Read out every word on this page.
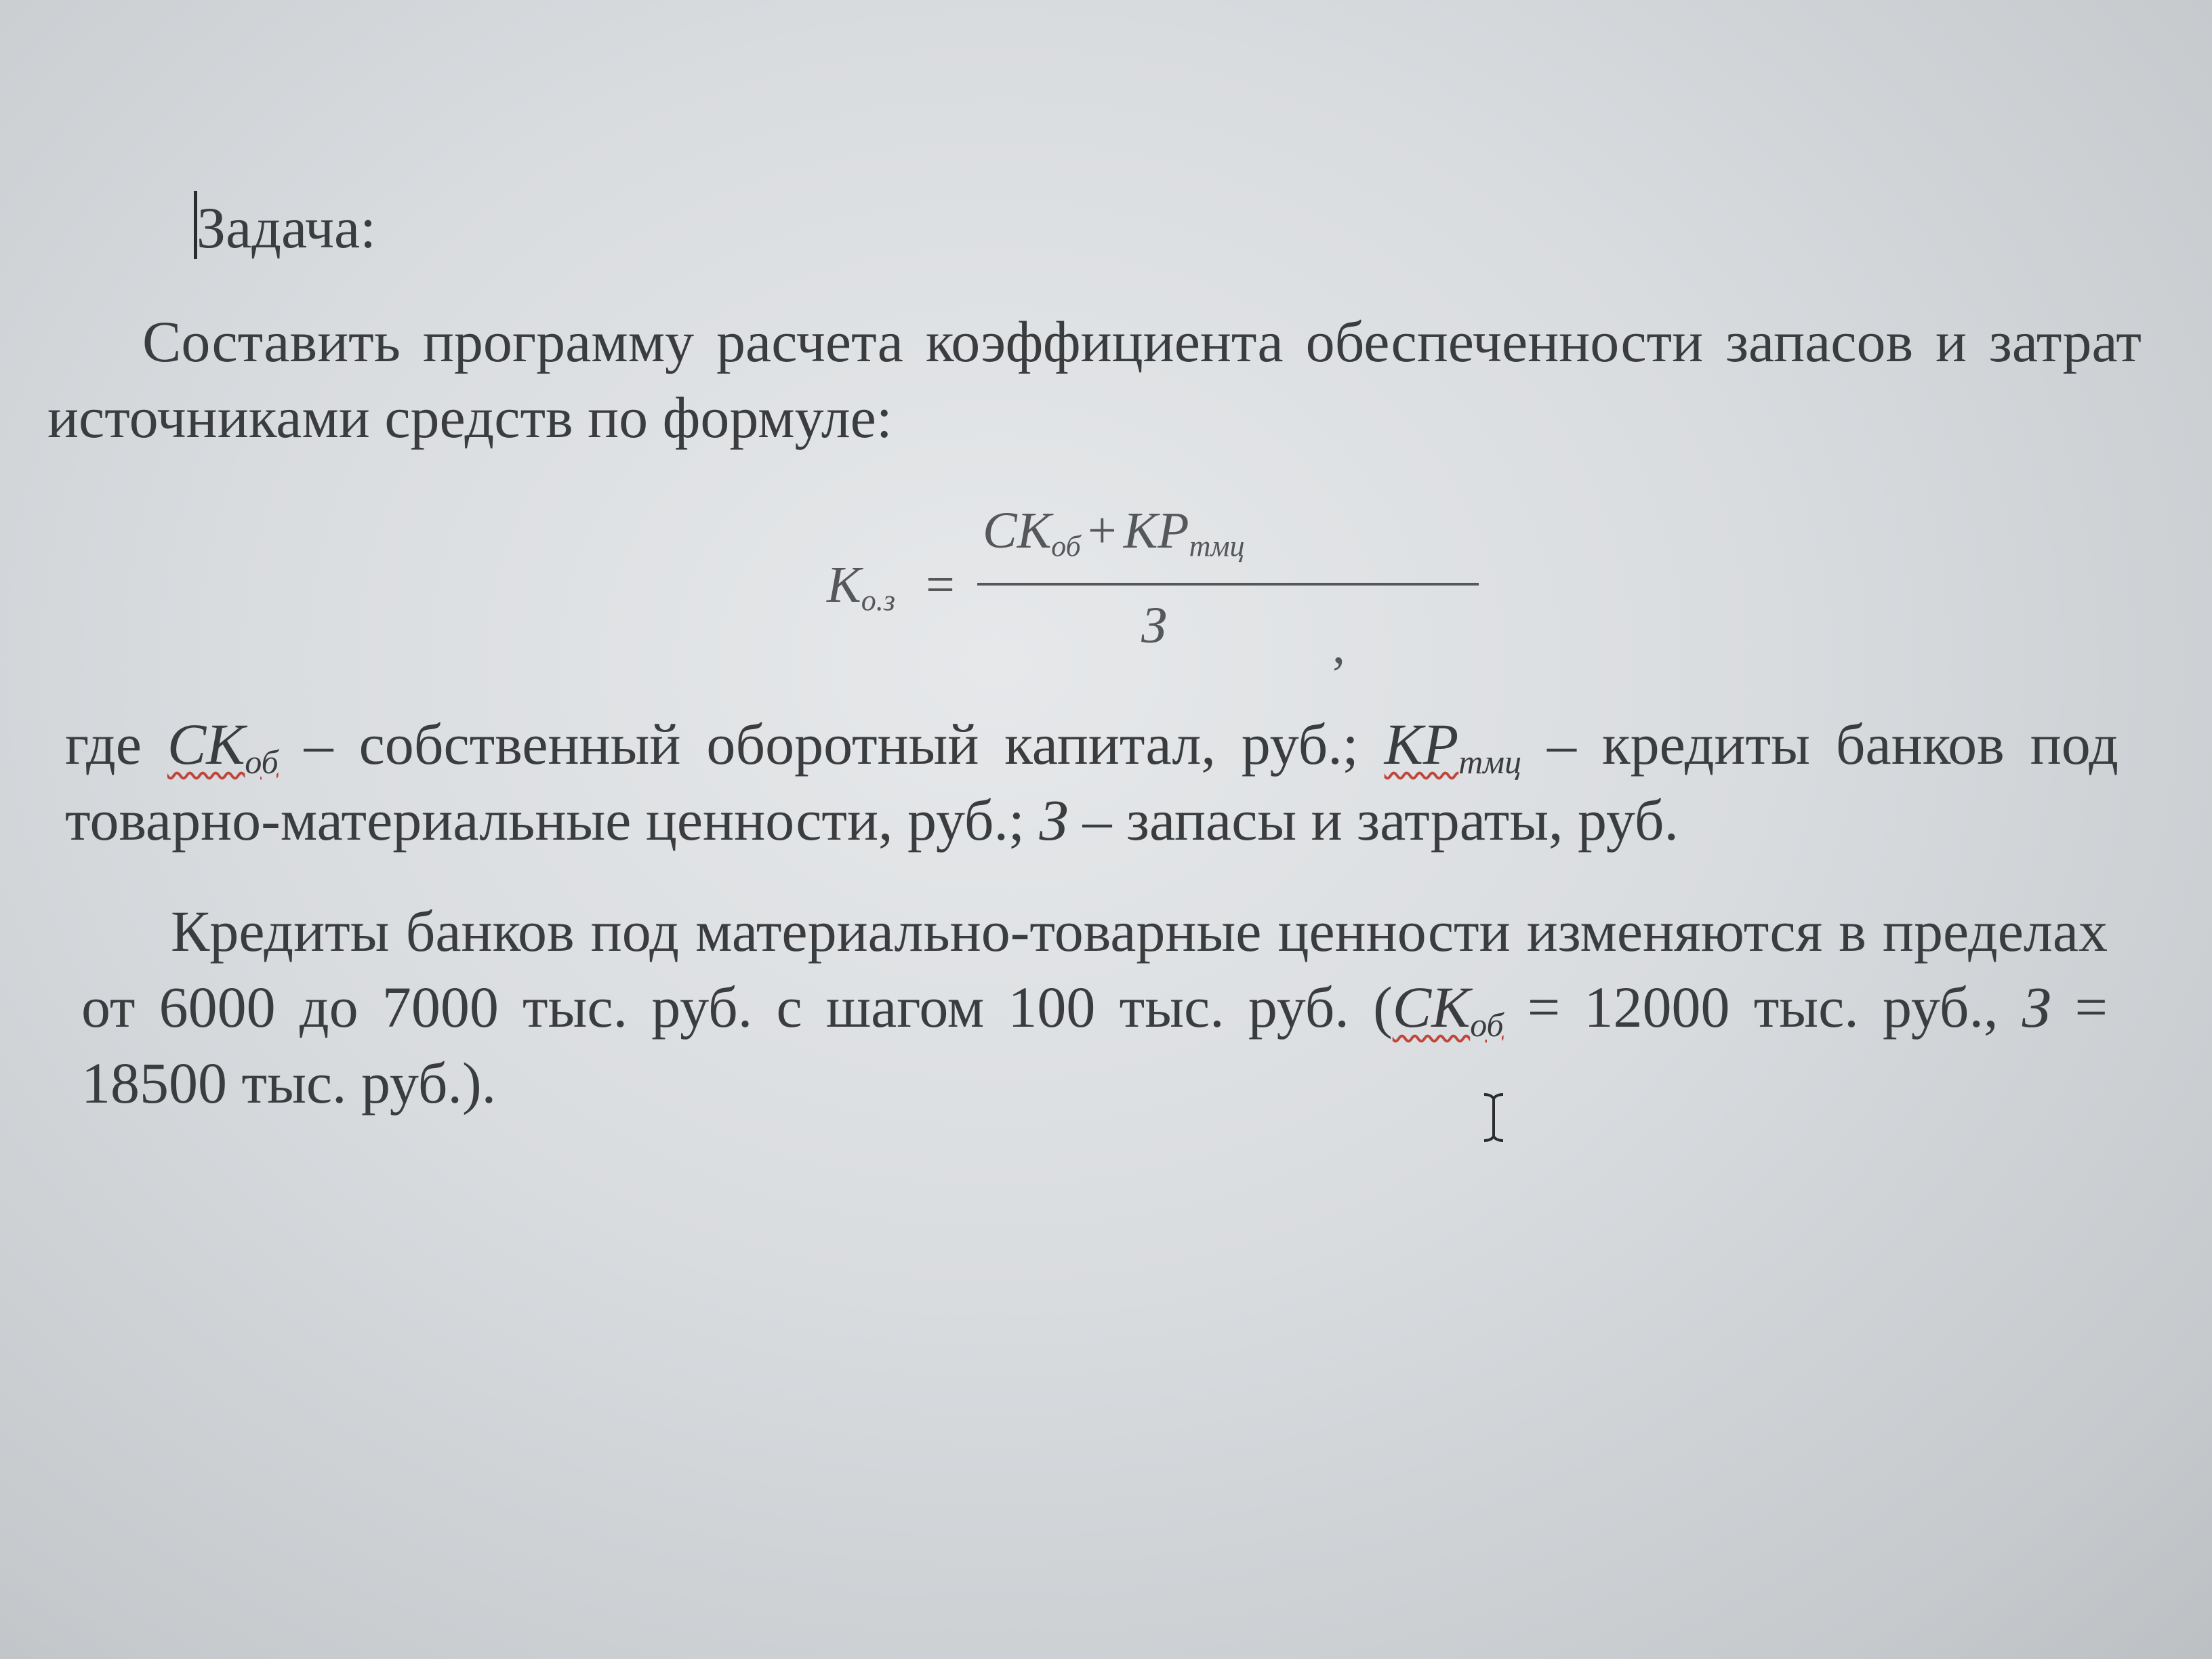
Задача:
Составить программу расчета коэффициента обеспеченности запасов и затрат источниками средств по формуле:
$K_{о.з}$ =
$СК_{об} + КР_{тмц}$
З	,
где $СК_{об}$ – собственный оборотный капитал, руб.; $КР_{тмц}$ – кредиты банков под товарно-материальные ценности, руб.; З – запасы и затраты, руб.
Кредиты банков под материально-товарные ценности изменяются в пределах от 6000 до 7000 тыс. руб. с шагом 100 тыс. руб. ($СК_{об} = 12000$ тыс. руб., З = 18500 тыс. руб.).
